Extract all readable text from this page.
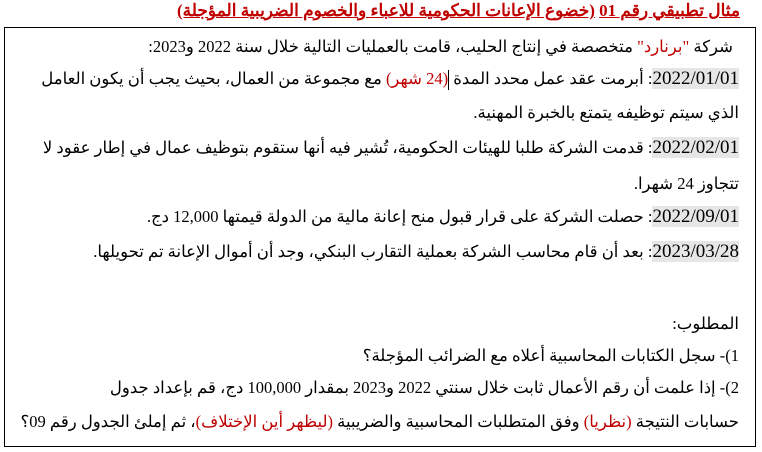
مثال تطبيقي رقم 01 (خضوع الإعانات الحكومية للاعباء والخصوم الضريبية المؤجلة)
شركة "برنارد" متخصصة في إنتاج الحليب، قامت بالعمليات التالية خلال سنة 2022 و2023:
2022/01/01: أبرمت عقد عمل محدد المدة (24 شهر) مع مجموعة من العمال، بحيث يجب أن يكون العامل
الذي سيتم توظيفه يتمتع بالخبرة المهنية.
2022/02/01: قدمت الشركة طلبا للهيئات الحكومية، تُشير فيه أنها ستقوم بتوظيف عمال في إطار عقود لا
تتجاوز 24 شهرا.
2022/09/01: حصلت الشركة على قرار قبول منح إعانة مالية من الدولة قيمتها 12,000 دج.
2023/03/28: بعد أن قام محاسب الشركة بعملية التقارب البنكي، وجد أن أموال الإعانة تم تحويلها.
المطلوب:
1)- سجل الكتابات المحاسبية أعلاه مع الضرائب المؤجلة؟
2)- إذا علمت أن رقم الأعمال ثابت خلال سنتي 2022 و2023 بمقدار 100,000 دج، قم بإعداد جدول
حسابات النتيجة (نظريا) وفق المتطلبات المحاسبية والضريبية (ليظهر أين الإختلاف)، ثم إملئ الجدول رقم 09؟
